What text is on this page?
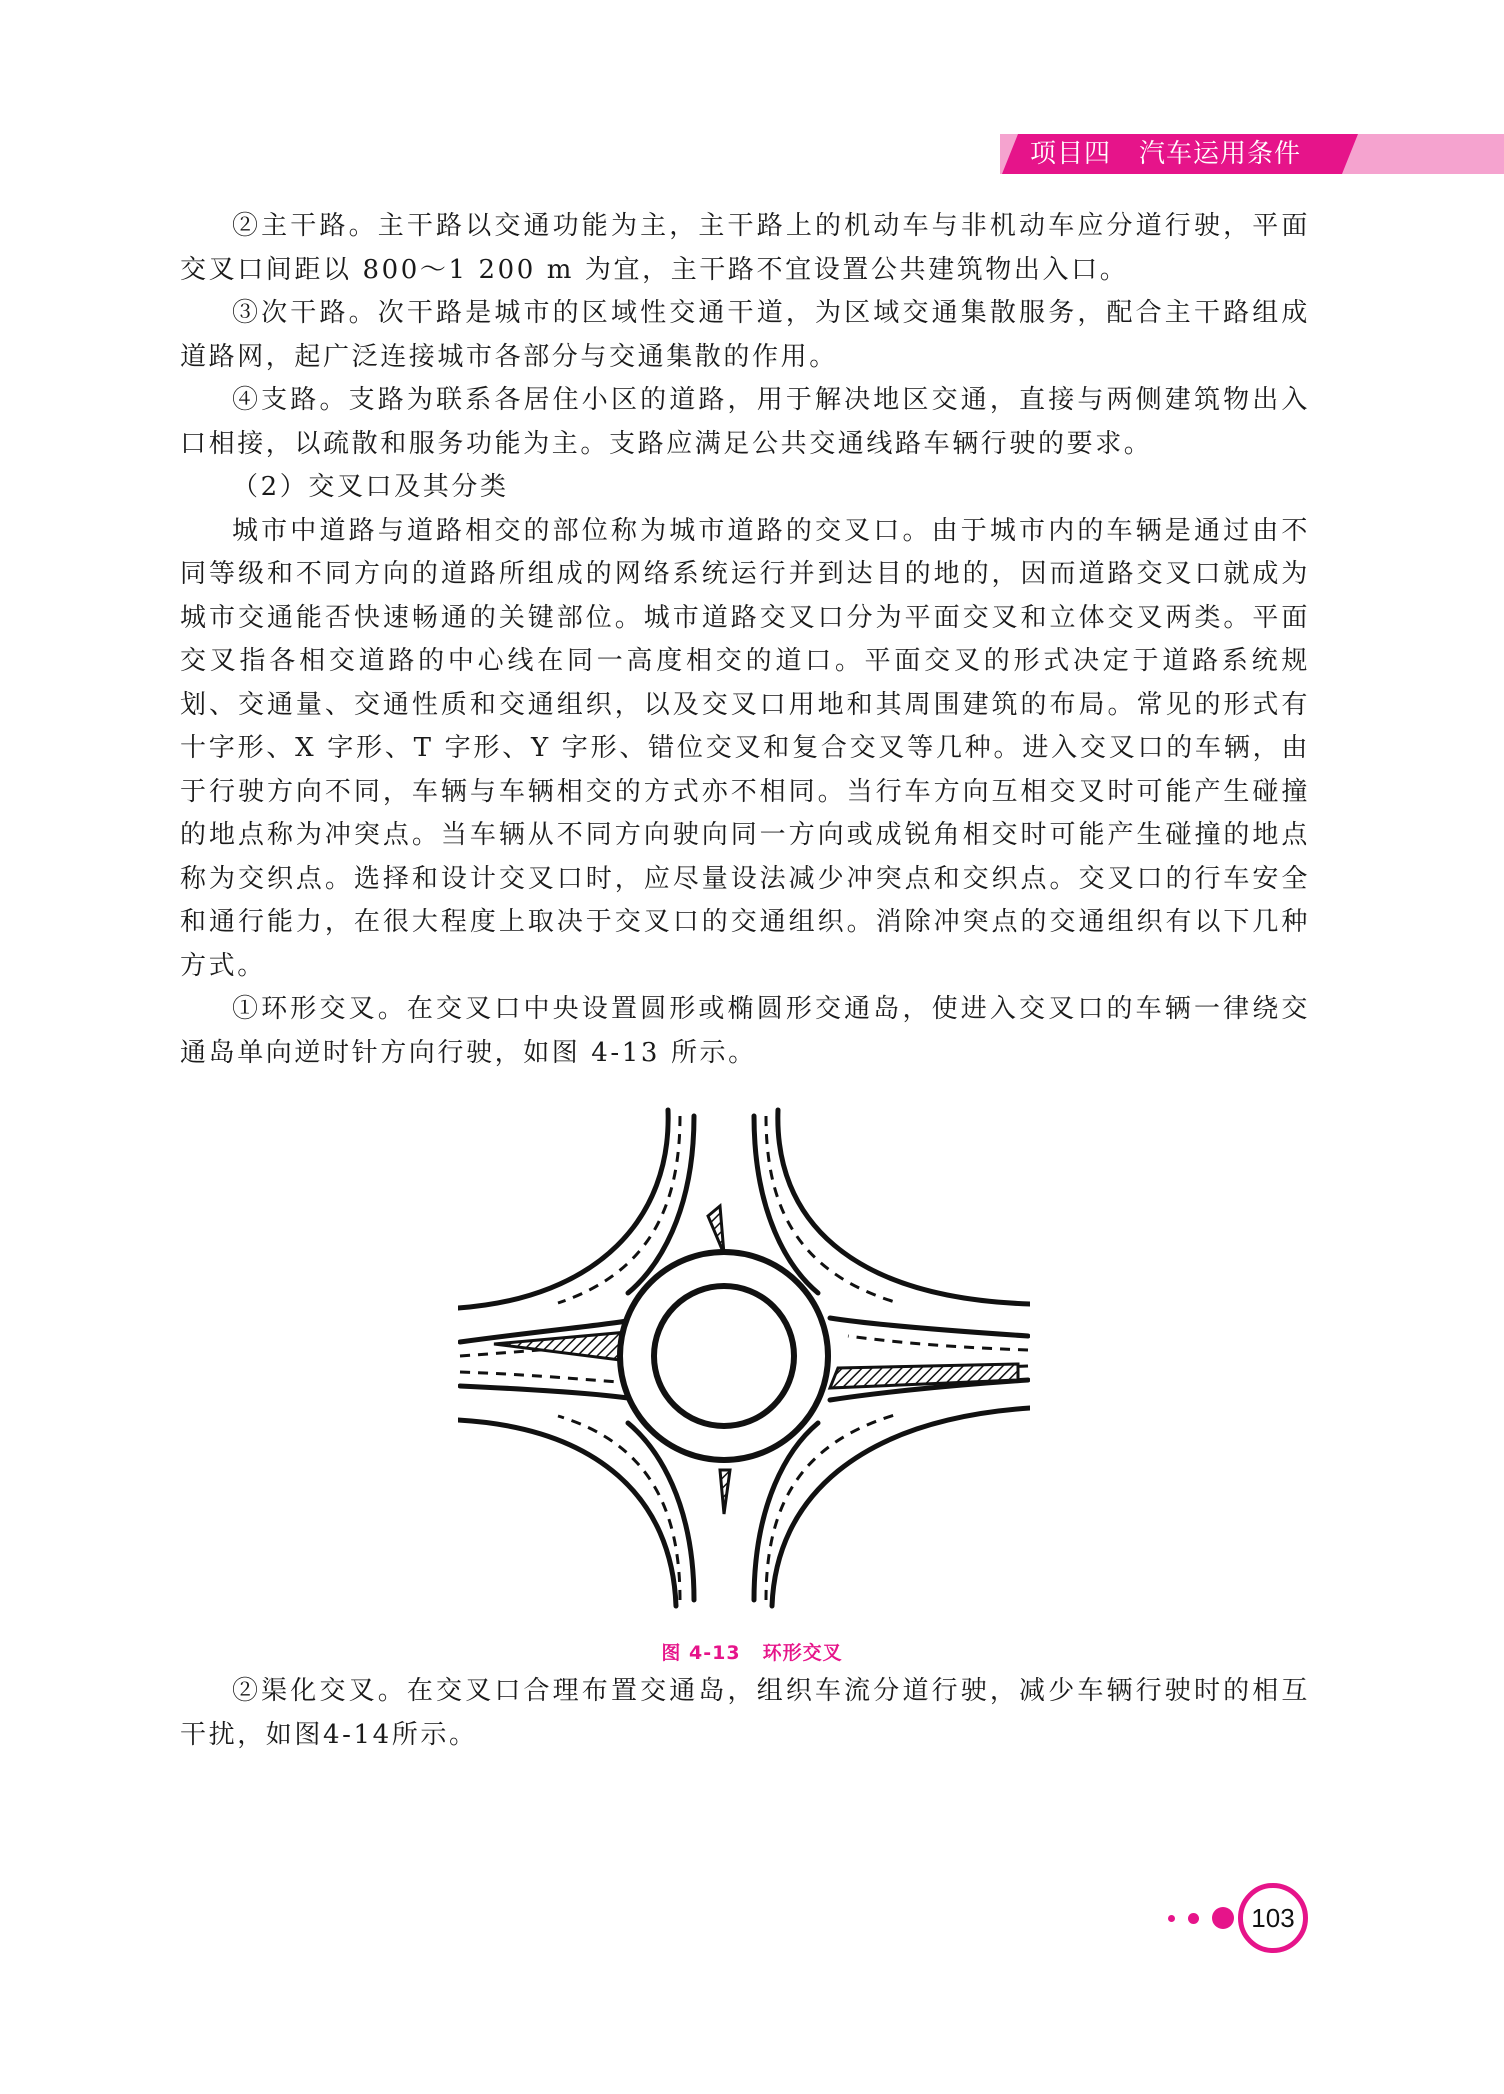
项目四 汽车运用条件

②主干路。主干路以交通功能为主，主干路上的机动车与非机动车应分道行驶，平面交叉口间距以 800～1 200 m 为宜，主干路不宜设置公共建筑物出入口。

③次干路。次干路是城市的区域性交通干道，为区域交通集散服务，配合主干路组成道路网，起广泛连接城市各部分与交通集散的作用。

④支路。支路为联系各居住小区的道路，用于解决地区交通，直接与两侧建筑物出入口相接，以疏散和服务功能为主。支路应满足公共交通线路车辆行驶的要求。

（2）交叉口及其分类

城市中道路与道路相交的部位称为城市道路的交叉口。由于城市内的车辆是通过由不同等级和不同方向的道路所组成的网络系统运行并到达目的地的，因而道路交叉口就成为城市交通能否快速畅通的关键部位。城市道路交叉口分为平面交叉和立体交叉两类。平面交叉指各相交道路的中心线在同一高度相交的道口。平面交叉的形式决定于道路系统规划、交通量、交通性质和交通组织，以及交叉口用地和其周围建筑的布局。常见的形式有十字形、X 字形、T 字形、Y 字形、错位交叉和复合交叉等几种。进入交叉口的车辆，由于行驶方向不同，车辆与车辆相交的方式亦不相同。当行车方向互相交叉时可能产生碰撞的地点称为冲突点。当车辆从不同方向驶向同一方向或成锐角相交时可能产生碰撞的地点称为交织点。选择和设计交叉口时，应尽量设法减少冲突点和交织点。交叉口的行车安全和通行能力，在很大程度上取决于交叉口的交通组织。消除冲突点的交通组织有以下几种方式。

①环形交叉。在交叉口中央设置圆形或椭圆形交通岛，使进入交叉口的车辆一律绕交通岛单向逆时针方向行驶，如图 4-13 所示。

图 4-13 环形交叉

②渠化交叉。在交叉口合理布置交通岛，组织车流分道行驶，减少车辆行驶时的相互干扰，如图4-14所示。

103
